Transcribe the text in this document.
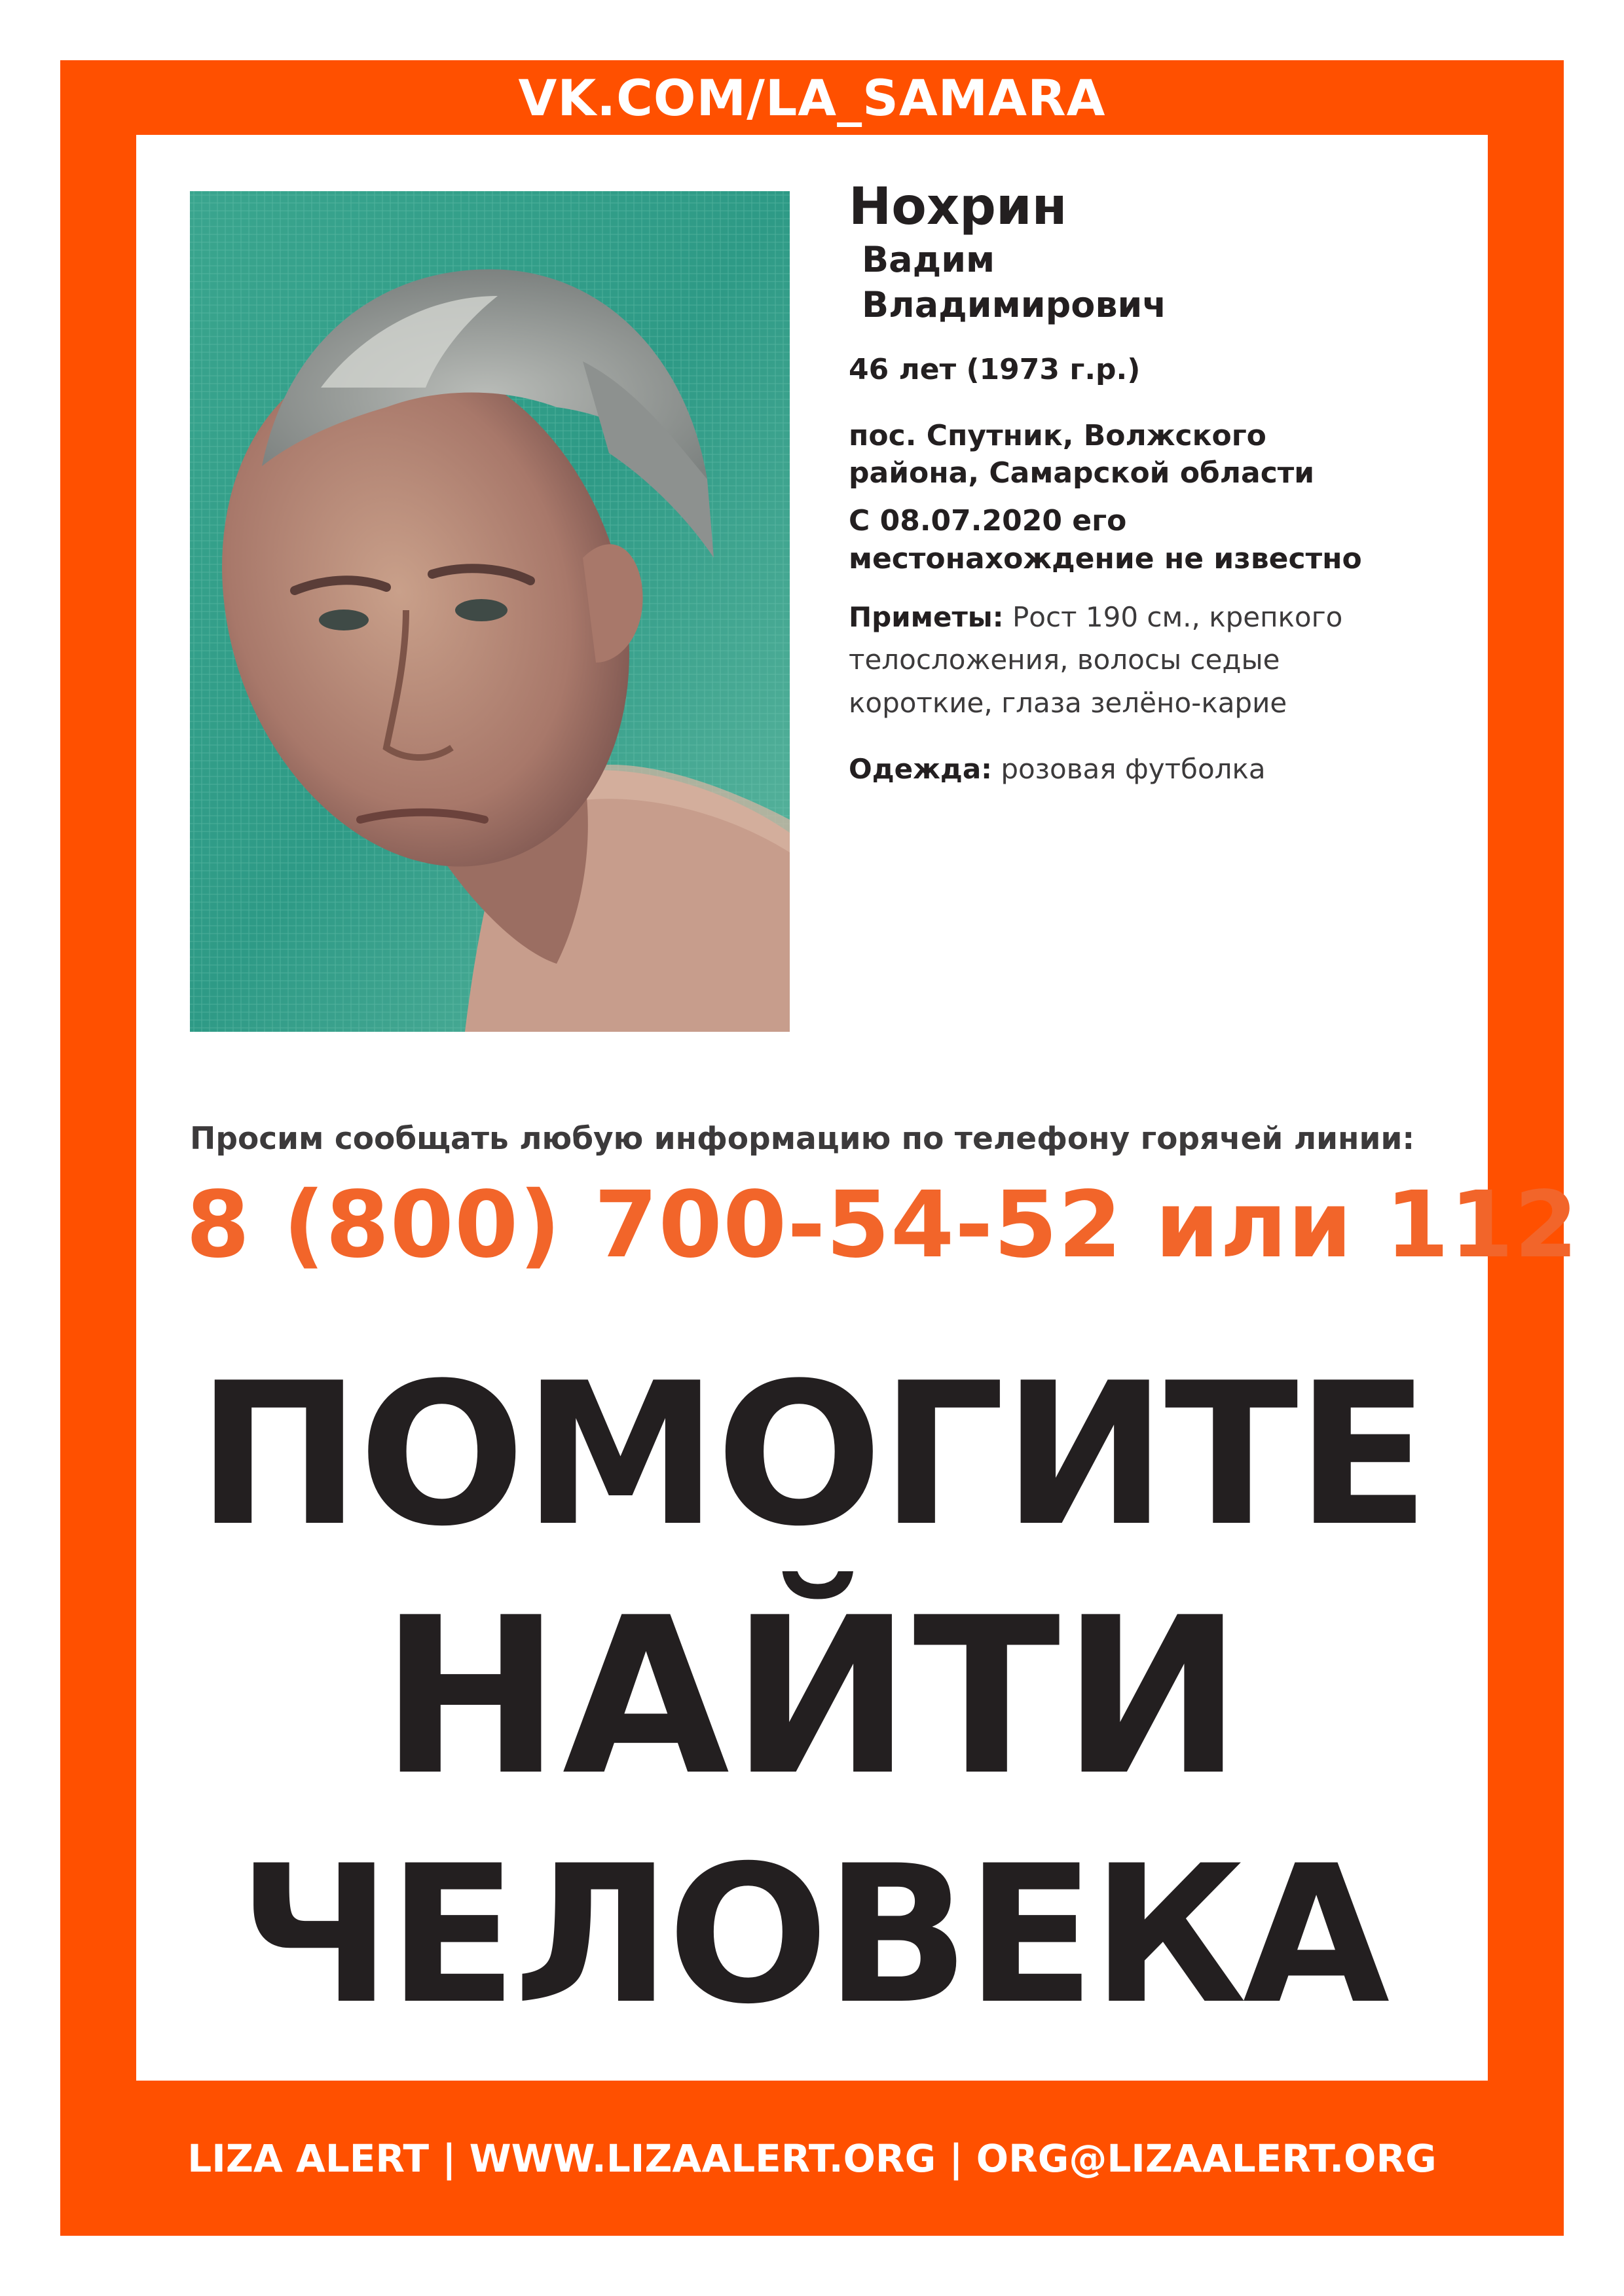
VK.COM/LA_SAMARA
Нохрин
Вадим
Владимирович
46 лет (1973 г.р.)
пос. Спутник, Волжского
района, Самарской области
С 08.07.2020 его
местонахождение не известно
Приметы: Рост 190 см., крепкого
телосложения, волосы седые
короткие, глаза зелёно-карие
Одежда: розовая футболка
Просим сообщать любую информацию по телефону горячей линии:
8 (800) 700-54-52 или 112
ПОМОГИТЕ
НАЙТИ
ЧЕЛОВЕКА
LIZA ALERT | WWW.LIZAALERT.ORG | ORG@LIZAALERT.ORG
